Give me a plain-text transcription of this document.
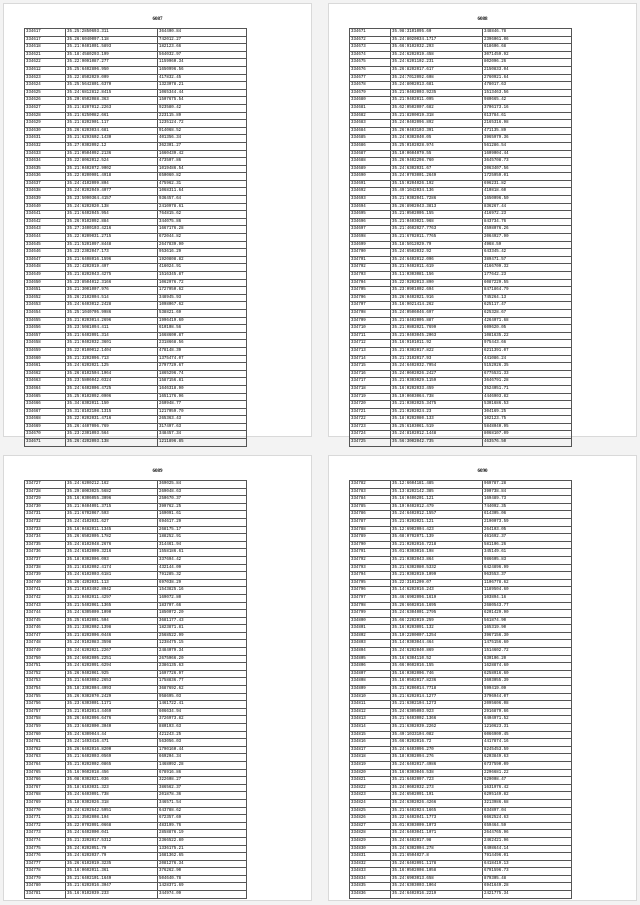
6087
334617	35.25:2850693.311	364400.84
334617	35.26:6040097.118	742012.27
334618	35.21:0401001.5893	182123.66
334621	35.18:4580293.199	564032.97
334622	35.22:9091087.277	1159960.34
334612	35.25:6402806.950	1650996.56
334623	35.22:8502029.009	417832.45
334624	35.25:5642801.6370	1323078.21
334625	35.24:6812812.8415	1065344.44
334626	35.20:6502088.363	1507675.54
334627	35.21:8207012.2263	923580.42
334628	35.21:6250082.661	223115.89
334629	35.21:8202901.117	1235124.72
334630	35.26:6203034.681	914068.52
334631	35.21:6293602.1430	401356.34
334632	35.27:0302092.12	362301.27
334633	35.21:0504092.2136	1660439.42
334634	35.22:8062012.524	473507.86
334635	35.21:0402072.9002	1019486.54
334636	35.22:0200901.4918	650060.82
334637	35.24:4102099.804	475962.31
334638	35.24:0202049.4077	1068311.64
334639	35.23:5090364.4157	936457.64
334640	35.24:6202020.138	2410978.61
334641	35.21:6402045.954	764815.62
334642	35.26:9102092.884	344075.86
334643	35.27:3400103.4216	1667176.28
334644	35.22:0209031.2715	672044.82
334645	35.21:5201097.8448	2647839.90
334646	35.23:2302047.173	953616.29
334647	35.21:6408016.1596	1920808.82
334648	35.22:4202019.497	416024.91
334649	35.21:8202043.4275	1516345.87
334650	35.23:8504012.3166	1062976.72
334651	35.21:3001007.976	1727950.62
334652	35.26:2102004.514	348945.93
334653	35.24:6403012.2428	1098067.62
334654	35.25:1040705.9986	538821.69
334655	35.21:0203014.2696	1996419.60
334656	35.23:5081094.411	610108.56
334657	35.21:6402091.314	1668600.87
334658	35.21:0402032.3601	2318668.56
334659	35.22:0100012.1404	478148.39
334660	35.21:3202096.713	1375474.07
334661	35.24:6202021.125	2797729.67
334662	35.26:8102504.1964	1865296.74
334663	35.23:5806042.0324	1587156.81
334664	35.24:6402006.4725	1646318.90
334665	35.25:0102092.0906	1651176.96
334666	35.34:8302011.150	260948.77
334667	35.31:8102108.1315	1217059.70
334668	35.22:0202031.4716	265363.43
334669	35.26:4407096.769	317497.63
334670	35.23:2301093.564	348457.34
334671	35.26:4202093.138	1211896.85
6088
334671	35.98:3101095.60	348846.78
334672	35.24:8020034.1717	2396061.06
334673	35.66:9102032.293	618606.68
334674	35.24:6202019.458	3071459.92
334675	35.24:6201102.231	802096.26
334676	35.26:8202017.617	2150833.04
334677	35.24:7012092.608	2760921.64
334678	35.24:8002013.681	478017.63
334679	35.21:0402003.9235	1513463.56
334680	35.21:9402011.095	980665.42
334681	35.62:0502007.682	3706173.16
334682	35.21:8200019.318	613784.61
334683	35.24:0402096.892	2165316.98
334684	35.26:0403103.391	471135.89
334685	35.24:0302040.05	3965979.36
334686	35.25:0102028.974	561286.54
334687	35.10:0604079.55	1609004.44
334688	35.26:9402298.760	3645708.73
334689	35.24:6302031.67	2063407.56
334690	35.24:0703001.2649	1725959.01
334691	35.15:0204026.192	696231.82
334692	35.49:1042034.136	410818.60
334693	35.21:0302041.7286	1650096.50
334694	35.26:8902043.3813	836267.44
334695	35.21:0502005.155	416972.23
334696	35.21:0403021.968	843734.76
334697	35.21:4602027.7763	4598076.26
334698	35.21:6702011.7765	2064927.90
334699	35.18:5012029.79	4968.59
334700	35.24:6502032.92	643345.42
334701	35.24:6402012.096	389471.57
334702	35.21:9402011.619	4166709.32
334703	35.11:0303081.156	177642.23
334704	35.22:9202013.890	6087229.55
334705	35.23:0901002.694	8471864.79
334706	35.26:0402021.916	745264.13
334707	35.16:9021414.262	625117.47
334708	35.24:0506046.697	625328.67
334709	35.21:8402005.887	4264071.68
334710	35.21:0802021.7699	609620.05
334711	35.21:0403045.2063	1081635.22
334712	35.16:9101011.92	975443.66
334713	35.21:0302017.822	6211391.07
334714	35.21:3102017.93	441086.24
334715	35.24:6402032.7954	5152926.35
334716	35.24:0602026.2427	6775531.33
334717	35.21:0303029.1159	3646791.28
334718	35.16:0202033.459	3524051.71
334719	35.19:0603064.738	4446903.82
334720	35.21:0302025.3475	5301686.53
334721	35.21:0202024.23	304169.25
334722	35.18:0202080.133	102123.75
334723	35.25:6103061.519	5848040.95
334724	35.24:8102012.1448	8068107.09
334725	35.56:3002042.735	463576.50
6089
334727	35.24:6200212.162	369025.84
334728	35.29:8003025.5682	269048.63
334729	35.16:0306055.3096	250670.37
334730	35.21:0404091.3715	399762.25
334731	35.21:6702067.593	169091.61
334732	35.24:4102031.627	694617.29
334733	35.16:0482011.1345	268175.17
334734	35.26:6502005.1782	188252.91
334735	35.24:8102048.2676	314461.94
334736	35.24:6102009.3216	1558186.61
334737	35.18:0302006.093	337694.42
334738	35.21:8102002.4174	432144.09
334739	35.24:6102003.6181	791285.32
334740	35.26:4202031.113	697038.29
334741	35.21:0103402.8942	1543825.16
334742	35.21:0402011.4297	169072.80
334743	35.21:5402061.1365	183707.66
334744	35.24:6305009.1090	1850072.20
334745	35.25:6102001.504	3681177.43
334746	35.21:3302002.1398	1823871.81
334747	35.21:8202006.0446	2568522.99
334748	35.24:9102083.3598	1238475.15
334749	35.24:6202021.2267	2484079.34
334750	35.24:6602005.2251	2675966.20
334751	35.24:6202091.6294	2386135.63
334752	35.26:9402061.925	1697726.97
334753	35.21:6403002.2653	1758836.77
334754	35.18:3302004.4993	3687692.62
334755	35.26:9302070.2429	958695.03
334756	35.23:6303001.1171	1461722.41
334757	35.21:0102014.4469	606634.94
334758	35.26:8402096.6476	3726973.82
334759	35.23:6402000.3040	880193.63
334760	35.24:6309044.44	421243.25
334761	35.24:1493416.471	563056.03
334762	35.26:6402016.8200	1790160.44
334763	35.21:6402003.0569	669204.34
334764	35.21:0202002.0865	1468092.28
334765	35.16:9602018.456	678916.86
334766	35.08:0302021.036	322608.27
334767	35.18:6103031.323	386562.37
334768	35.24:6403091.738	201878.36
334769	35.18:0302026.318	346571.54
334770	35.24:6202642.5951	643788.62
334771	35.21:3502008.194	672357.69
334772	35.22:0702091.0668	483199.76
334773	35.24:6402000.041	2858876.19
334774	35.21:3202017.5312	2366522.80
334775	35.24:0202051.79	1336175.21
334776	35.24:6202037.79	1681362.65
334777	35.26:6102019.3235	2081276.34
334778	35.16:0602011.361	376262.90
334779	35.21:6402101.1649	504640.78
334780	35.21:6202016.3047	1428371.69
334781	35.16:9102039.233	344974.09
6090
334782	35.12:6604181.485	969787.28
334783	35.13:8202142.385	390738.84
334784	35.16:0406201.121	169489.73
334785	35.19:0402012.479	744092.35
334786	35.24:6402012.1557	614305.06
334787	35.21:0202021.121	2190073.59
334788	35.12:6902004.423	264103.05
334789	35.68:0702071.139	461692.37
334790	35.21:0202016.7218	581106.26
334791	35.01:0303016.198	345149.61
334792	35.21:0302043.864	986605.83
334793	35.21:6302080.5332	6424896.99
334794	35.21:0302019.1099	963553.37
334795	35.22:3101209.07	1106778.62
334796	35.14:6202016.243	1189504.60
334797	35.46:6902096.1619	103894.16
334798	35.26:6602016.1695	2680543.77
334799	35.24:6304001.2795	6201429.90
334800	35.66:2202019.259	561874.90
334801	35.16:0203091.132	165319.90
334802	35.10:2200007.1254	3967156.30
334803	35.14:0303044.464	1475156.60
334804	35.24:6202040.869	1514602.72
334805	35.16:6304110.52	630106.20
334806	35.66:0602016.155	1628874.60
334807	35.16:0302006.746	6258916.60
334808	35.16:0502017.8236	3603055.39
334809	35.21:0206014.7718	599419.09
334810	35.21:6202014.1277	3796944.07
334811	35.21:6302104.1273	2095606.08
334812	35.24:6305003.923	2916879.66
334813	35.21:6403002.1366	6404971.52
334814	35.21:6302039.2262	1210623.31
334815	35.49:1033104.082	6066909.45
334816	35.66:0202016.72	4417874.16
334817	35.24:6403096.270	8245453.59
334818	35.18:0302094.276	6203849.63
334819	35.24:6402017.4986	6737590.09
334820	35.16:0303046.538	2296681.22
334821	35.21:6402097.723	629008.47
334822	35.24:0602032.273	1631976.42
334823	35.24:6502091.191	6295149.82
334824	35.24:6302026.4266	3213986.68
334825	35.21:6402024.1665	634897.04
334826	35.22:6402041.1773	6662524.63
334827	35.01:0303009.1073	659464.59
334828	35.24:6403041.1071	2644765.96
334829	35.24:6402017.98	2462421.96
334830	35.24:6302004.278	6408644.14
334831	35.21:6504027.8	7914496.01
334832	35.24:6402091.1178	6418419.13
334833	35.16:0502008.1058	6791596.73
334834	35.24:6903013.658	879305.48
334835	35.24:6303003.1064	6941649.28
334836	35.24:6402016.2219	2421775.34
